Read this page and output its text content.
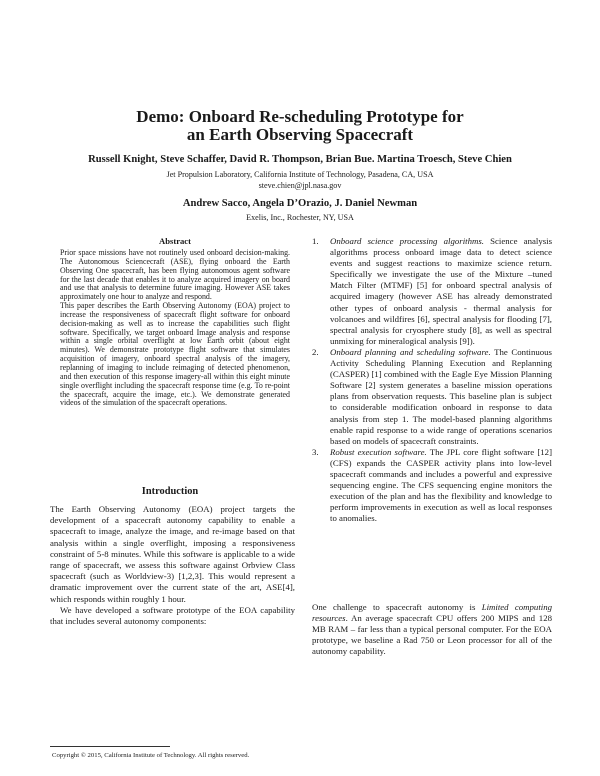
Demo: Onboard Re-scheduling Prototype for
an Earth Observing Spacecraft
Russell Knight, Steve Schaffer, David R. Thompson, Brian Bue. Martina Troesch, Steve Chien
Jet Propulsion Laboratory, California Institute of Technology, Pasadena, CA, USA
steve.chien@jpl.nasa.gov
Andrew Sacco, Angela D’Orazio, J. Daniel Newman
Exelis, Inc., Rochester, NY, USA
Abstract

Prior space missions have not routinely used onboard decision-making. The Autonomous Sciencecraft (ASE), flying onboard the Earth Observing One spacecraft, has been flying autonomous agent software for the last decade that enables it to analyze acquired imagery on board and use that analysis to determine future imaging. However ASE takes approximately one hour to analyze and respond.

This paper describes the Earth Observing Autonomy (EOA) project to increase the responsiveness of spacecraft flight software for onboard decision-making as well as to increase the capabilities such flight software. Specifically, we target onboard Image analysis and response within a single orbital overflight at low Earth orbit (about eight minutes). We demonstrate prototype flight software that simulates acquisition of imagery, onboard spectral analysis of the imagery, replanning of imaging to include reimaging of detected phenomenon, and then execution of this response imagery-all within this eight minute single overflight including the spacecraft response time (e.g. To re-point the spacecraft, acquire the image, etc.). We demonstrate generated videos of the simulation of the spacecraft operations.

Introduction

The Earth Observing Autonomy (EOA) project targets the development of a spacecraft autonomy capability to enable a spacecraft to image, analyze the image, and re-image based on that analysis within a single overflight, imposing a responsiveness constraint of 5-8 minutes. While this software is applicable to a wide range of spacecraft, we assess this software against Orbview Class spacecraft (such as Worldview-3) [1,2,3]. This would represent a dramatic improvement over the current state of the art, ASE[4], which responds within roughly 1 hour.

We have developed a software prototype of the EOA capability that includes several autonomy components:

Copyright © 2015, California Institute of Technology. All rights reserved.
1. Onboard science processing algorithms. Science analysis algorithms process onboard image data to detect science events and suggest reactions to maximize science return. Specifically we investigate the use of the Mixture –tuned Match Filter (MTMF) [5] for onboard spectral analysis of acquired imagery (however ASE has already demonstrated other types of onboard analysis - thermal analysis for volcanoes and wildfires [6], spectral analysis for flooding [7], spectral analysis for cryosphere study [8], as well as spectral unmixing for mineralogical analysis [9]).
2. Onboard planning and scheduling software. The Continuous Activity Scheduling Planning Execution and Replanning (CASPER) [1] combined with the Eagle Eye Mission Planning Software [2] system generates a baseline mission operations plans from observation requests. This baseline plan is subject to considerable modification onboard in response to data analysis from step 1. The model-based planning algorithms enable rapid response to a wide range of operations scenarios based on models of spacecraft constraints.
3. Robust execution software. The JPL core flight software [12] (CFS) expands the CASPER activity plans into low-level spacecraft commands and includes a powerful and expressive sequencing engine. The CFS sequencing engine monitors the execution of the plan and has the flexibility and knowledge to perform improvements in execution as well as local responses to anomalies.

One challenge to spacecraft autonomy is Limited computing resources. An average spacecraft CPU offers 200 MIPS and 128 MB RAM – far less than a typical personal computer. For the EOA prototype, we baseline a Rad 750 or Leon processor for all of the autonomy capability.
